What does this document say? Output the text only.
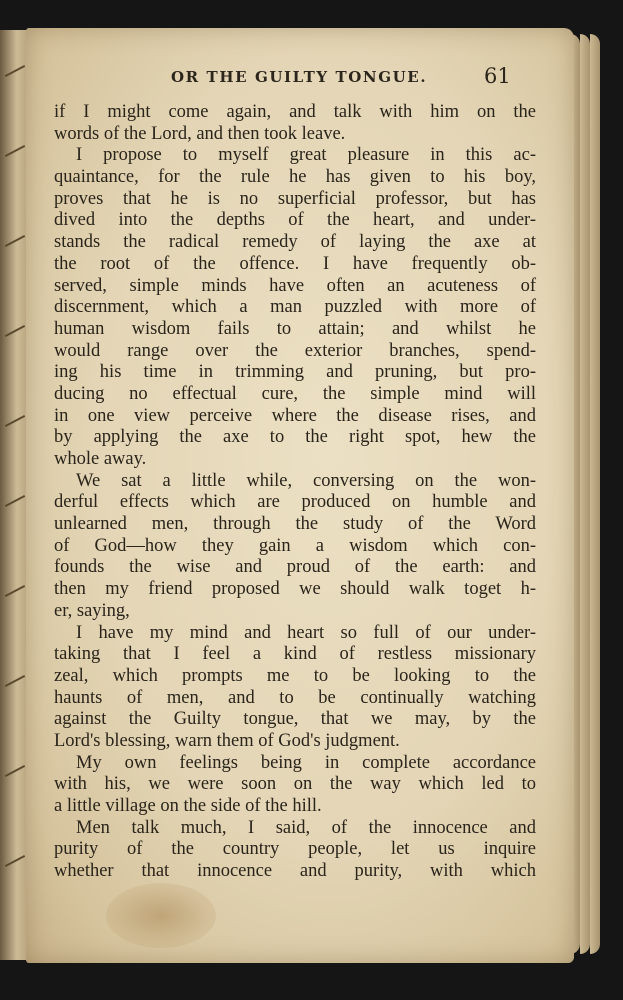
OR THE GUILTY TONGUE.	61
if I might come again, and talk with him on the
words of the Lord, and then took leave.
I propose to myself great pleasure in this ac-
quaintance, for the rule he has given to his boy,
proves that he is no superficial professor, but has
dived into the depths of the heart, and under-
stands the radical remedy of laying the axe at
the root of the offence. I have frequently ob-
served, simple minds have often an acuteness of
discernment, which a man puzzled with more of
human wisdom fails to attain; and whilst he
would range over the exterior branches, spend-
ing his time in trimming and pruning, but pro-
ducing no effectual cure, the simple mind will
in one view perceive where the disease rises, and
by applying the axe to the right spot, hew the
whole away.
We sat a little while, conversing on the won-
derful effects which are produced on humble and
unlearned men, through the study of the Word
of God—how they gain a wisdom which con-
founds the wise and proud of the earth: and
then my friend proposed we should walk toget h-
er, saying,
I have my mind and heart so full of our under-
taking that I feel a kind of restless missionary
zeal, which prompts me to be looking to the
haunts of men, and to be continually watching
against the Guilty tongue, that we may, by the
Lord's blessing, warn them of God's judgment.
My own feelings being in complete accordance
with his, we were soon on the way which led to
a little village on the side of the hill.
Men talk much, I said, of the innocence and
purity of the country people, let us inquire
whether that innocence and purity, with which
